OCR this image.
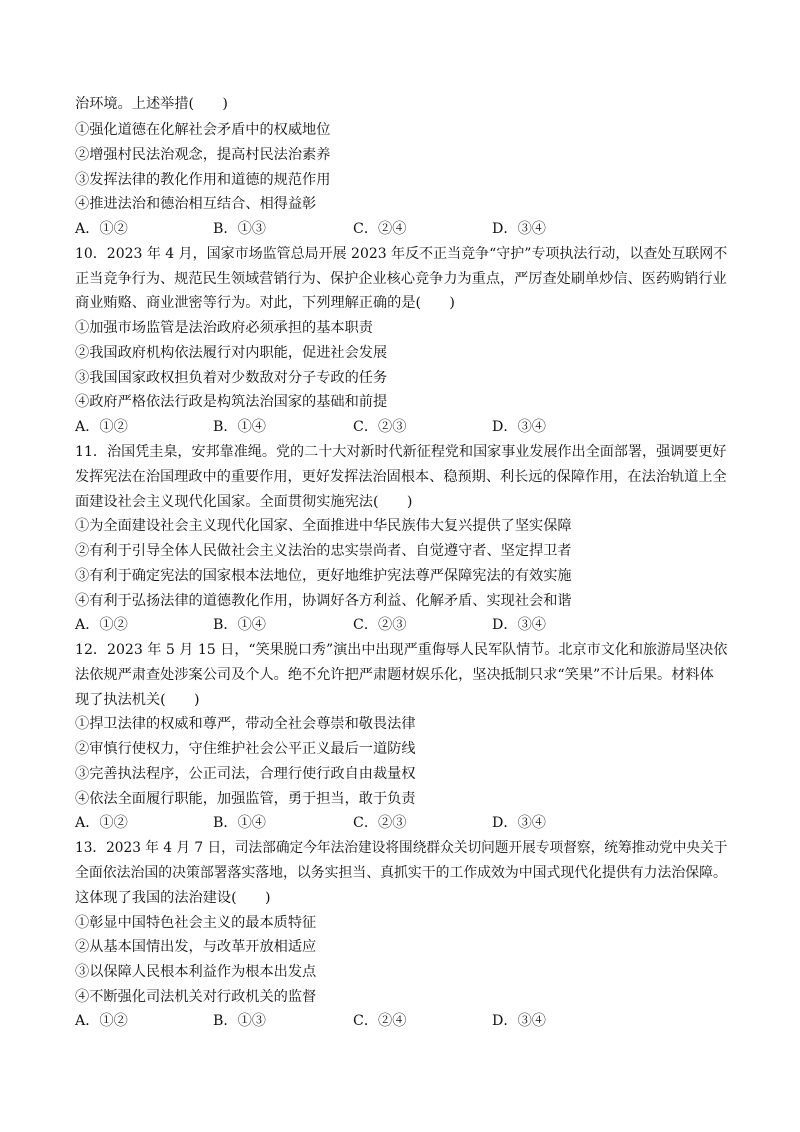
治环境。上述举措(　　)
①强化道德在化解社会矛盾中的权威地位
②增强村民法治观念，提高村民法治素养
③发挥法律的教化作用和道德的规范作用
④推进法治和德治相互结合、相得益彰
A．①②	B．①③	C．②④	D．③④
10．2023 年 4 月，国家市场监管总局开展 2023 年反不正当竞争“守护”专项执法行动，以查处互联网不
正当竞争行为、规范民生领域营销行为、保护企业核心竞争力为重点，严厉查处刷单炒信、医药购销行业
商业贿赂、商业泄密等行为。对此，下列理解正确的是(　　)
①加强市场监管是法治政府必须承担的基本职责
②我国政府机构依法履行对内职能，促进社会发展
③我国国家政权担负着对少数敌对分子专政的任务
④政府严格依法行政是构筑法治国家的基础和前提
A．①②	B．①④	C．②③	D．③④
11．治国凭圭臬，安邦靠准绳。党的二十大对新时代新征程党和国家事业发展作出全面部署，强调要更好
发挥宪法在治国理政中的重要作用，更好发挥法治固根本、稳预期、利长远的保障作用，在法治轨道上全
面建设社会主义现代化国家。全面贯彻实施宪法(　　)
①为全面建设社会主义现代化国家、全面推进中华民族伟大复兴提供了坚实保障
②有利于引导全体人民做社会主义法治的忠实崇尚者、自觉遵守者、坚定捍卫者
③有利于确定宪法的国家根本法地位，更好地维护宪法尊严保障宪法的有效实施
④有利于弘扬法律的道德教化作用，协调好各方利益、化解矛盾、实现社会和谐
A．①②	B．①④	C．②③	D．③④
12．2023 年 5 月 15 日，“笑果脱口秀”演出中出现严重侮辱人民军队情节。北京市文化和旅游局坚决依
法依规严肃查处涉案公司及个人。绝不允许把严肃题材娱乐化，坚决抵制只求“笑果”不计后果。材料体
现了执法机关(　　)
①捍卫法律的权威和尊严，带动全社会尊崇和敬畏法律
②审慎行使权力，守住维护社会公平正义最后一道防线
③完善执法程序，公正司法，合理行使行政自由裁量权
④依法全面履行职能，加强监管，勇于担当，敢于负责
A．①②	B．①④	C．②③	D．③④
13．2023 年 4 月 7 日，司法部确定今年法治建设将围绕群众关切问题开展专项督察，统筹推动党中央关于
全面依法治国的决策部署落实落地，以务实担当、真抓实干的工作成效为中国式现代化提供有力法治保障。
这体现了我国的法治建设(　　)
①彰显中国特色社会主义的最本质特征
②从基本国情出发，与改革开放相适应
③以保障人民根本利益作为根本出发点
④不断强化司法机关对行政机关的监督
A．①②	B．①③	C．②④	D．③④
